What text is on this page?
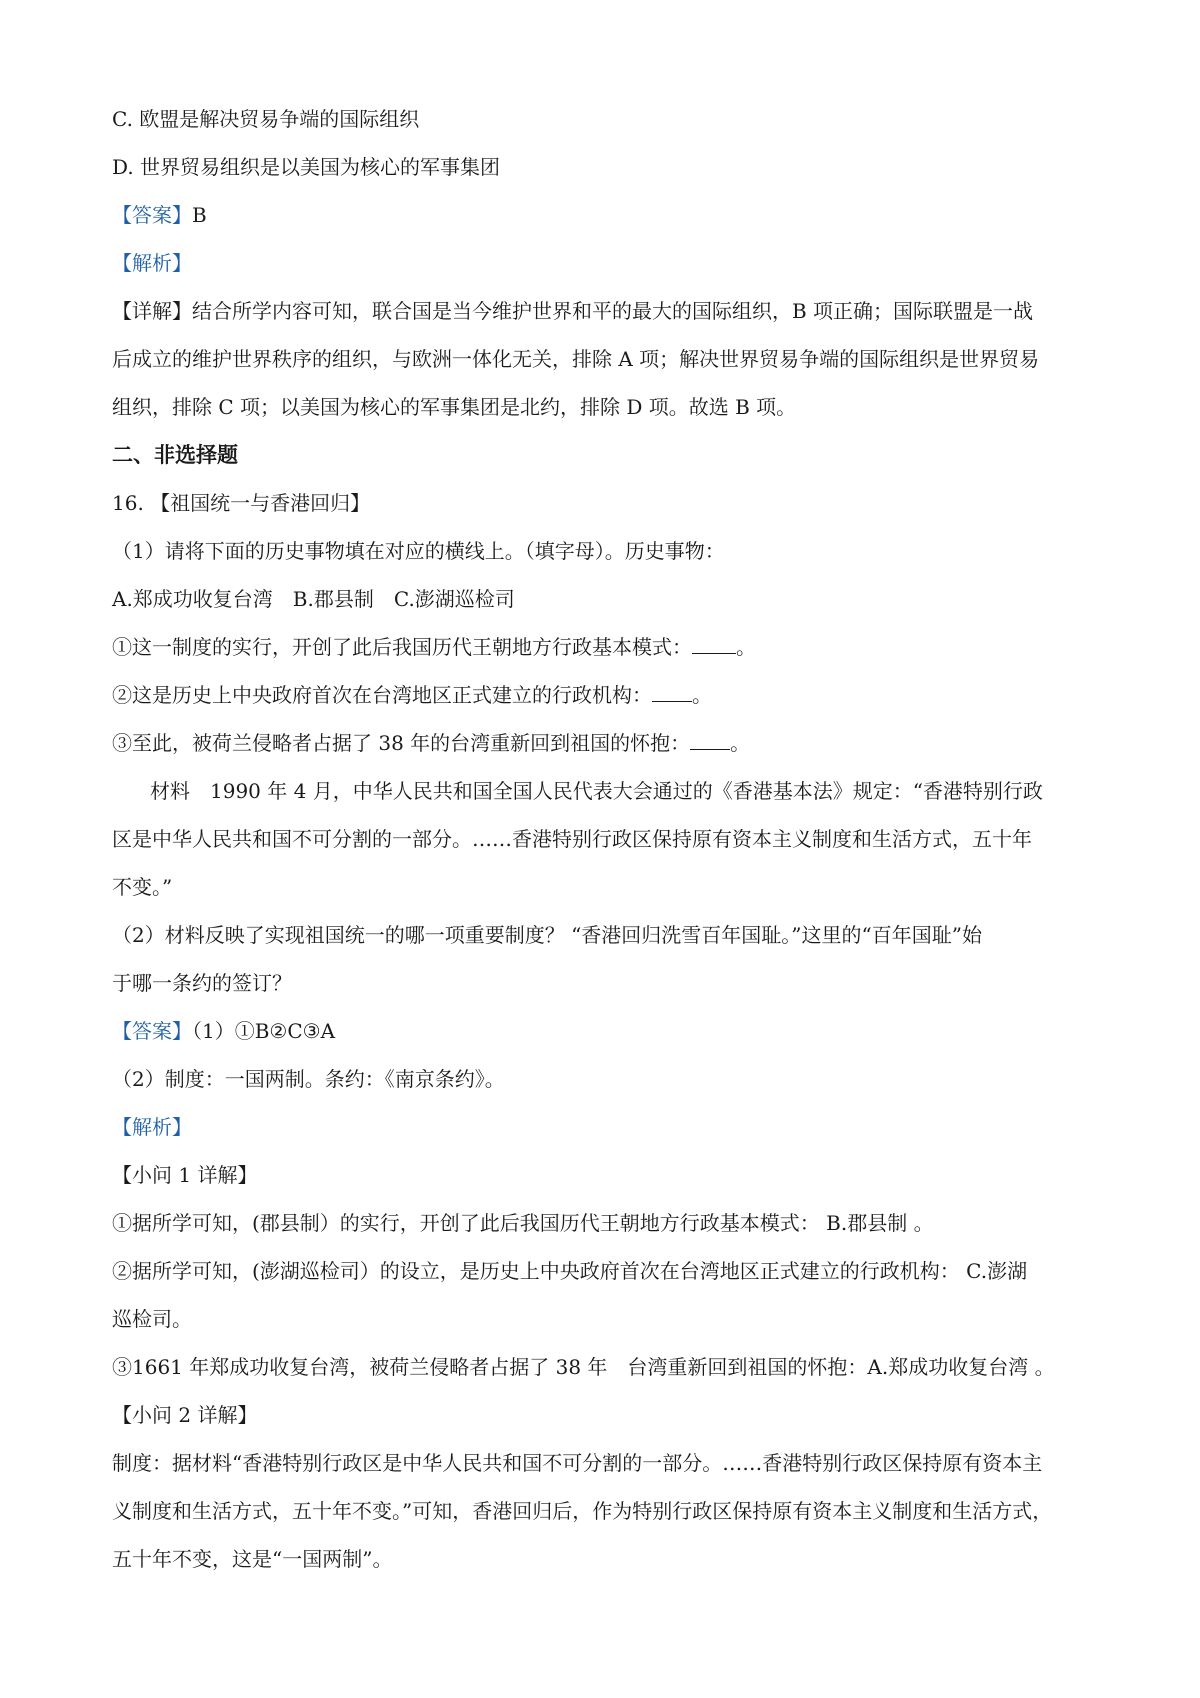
C. 欧盟是解决贸易争端的国际组织
D. 世界贸易组织是以美国为核心的军事集团
【答案】B
【解析】
【详解】结合所学内容可知，联合国是当今维护世界和平的最大的国际组织，B 项正确；国际联盟是一战
后成立的维护世界秩序的组织，与欧洲一体化无关，排除 A 项；解决世界贸易争端的国际组织是世界贸易
组织，排除 C 项；以美国为核心的军事集团是北约，排除 D 项。故选 B 项。
二、非选择题
16. 【祖国统一与香港回归】
（1）请将下面的历史事物填在对应的横线上。（填字母）。历史事物：
A.郑成功收复台湾　B.郡县制　C.澎湖巡检司
①这一制度的实行，开创了此后我国历代王朝地方行政基本模式： 。
②这是历史上中央政府首次在台湾地区正式建立的行政机构： 。
③至此，被荷兰侵略者占据了 38 年的台湾重新回到祖国的怀抱： 。
材料　1990 年 4 月，中华人民共和国全国人民代表大会通过的《香港基本法》规定：“香港特别行政
区是中华人民共和国不可分割的一部分。……香港特别行政区保持原有资本主义制度和生活方式，五十年
不变。”
（2）材料反映了实现祖国统一的哪一项重要制度？ “香港回归洗雪百年国耻。”这里的“百年国耻”始
于哪一条约的签订？
【答案】（1）①B②C③A
（2）制度：一国两制。条约：《南京条约》。
【解析】
【小问 1 详解】
①据所学可知，(郡县制）的实行，开创了此后我国历代王朝地方行政基本模式： B.郡县制 。
②据所学可知，(澎湖巡检司）的设立，是历史上中央政府首次在台湾地区正式建立的行政机构： C.澎湖
巡检司。
③1661 年郑成功收复台湾，被荷兰侵略者占据了 38 年　台湾重新回到祖国的怀抱：A.郑成功收复台湾 。
【小问 2 详解】
制度：据材料“香港特别行政区是中华人民共和国不可分割的一部分。……香港特别行政区保持原有资本主
义制度和生活方式，五十年不变。”可知，香港回归后，作为特别行政区保持原有资本主义制度和生活方式，
五十年不变，这是“一国两制”。
